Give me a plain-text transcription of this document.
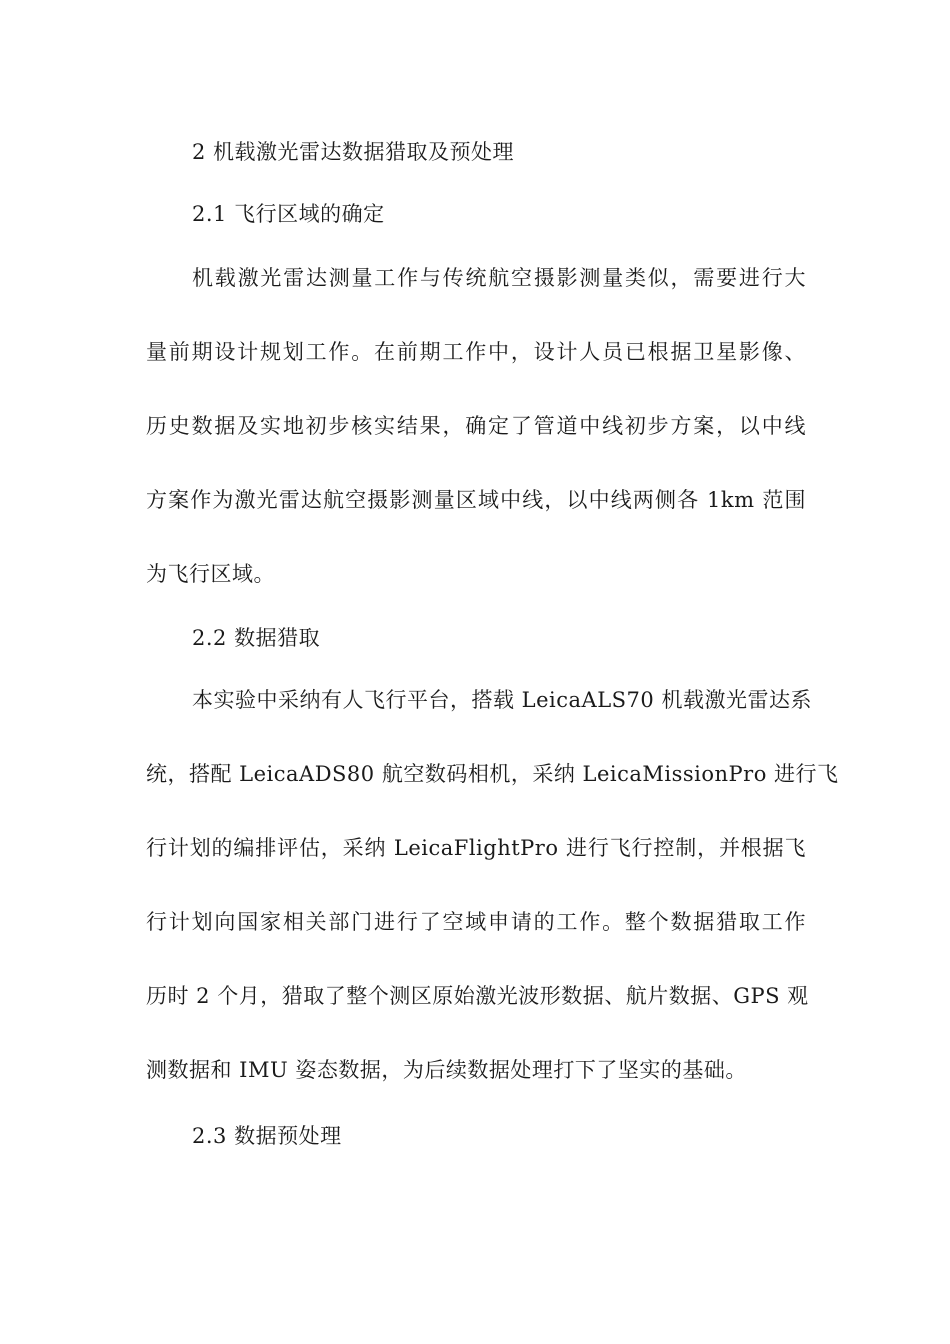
2 机载激光雷达数据猎取及预处理
2.1 飞行区域的确定
机载激光雷达测量工作与传统航空摄影测量类似，需要进行大
量前期设计规划工作。在前期工作中，设计人员已根据卫星影像、
历史数据及实地初步核实结果，确定了管道中线初步方案，以中线
方案作为激光雷达航空摄影测量区域中线，以中线两侧各 1km 范围
为飞行区域。
2.2 数据猎取
本实验中采纳有人飞行平台，搭载 LeicaALS70 机载激光雷达系
统，搭配 LeicaADS80 航空数码相机，采纳 LeicaMissionPro 进行飞
行计划的编排评估，采纳 LeicaFlightPro 进行飞行控制，并根据飞
行计划向国家相关部门进行了空域申请的工作。整个数据猎取工作
历时 2 个月，猎取了整个测区原始激光波形数据、航片数据、GPS 观
测数据和 IMU 姿态数据，为后续数据处理打下了坚实的基础。
2.3 数据预处理
